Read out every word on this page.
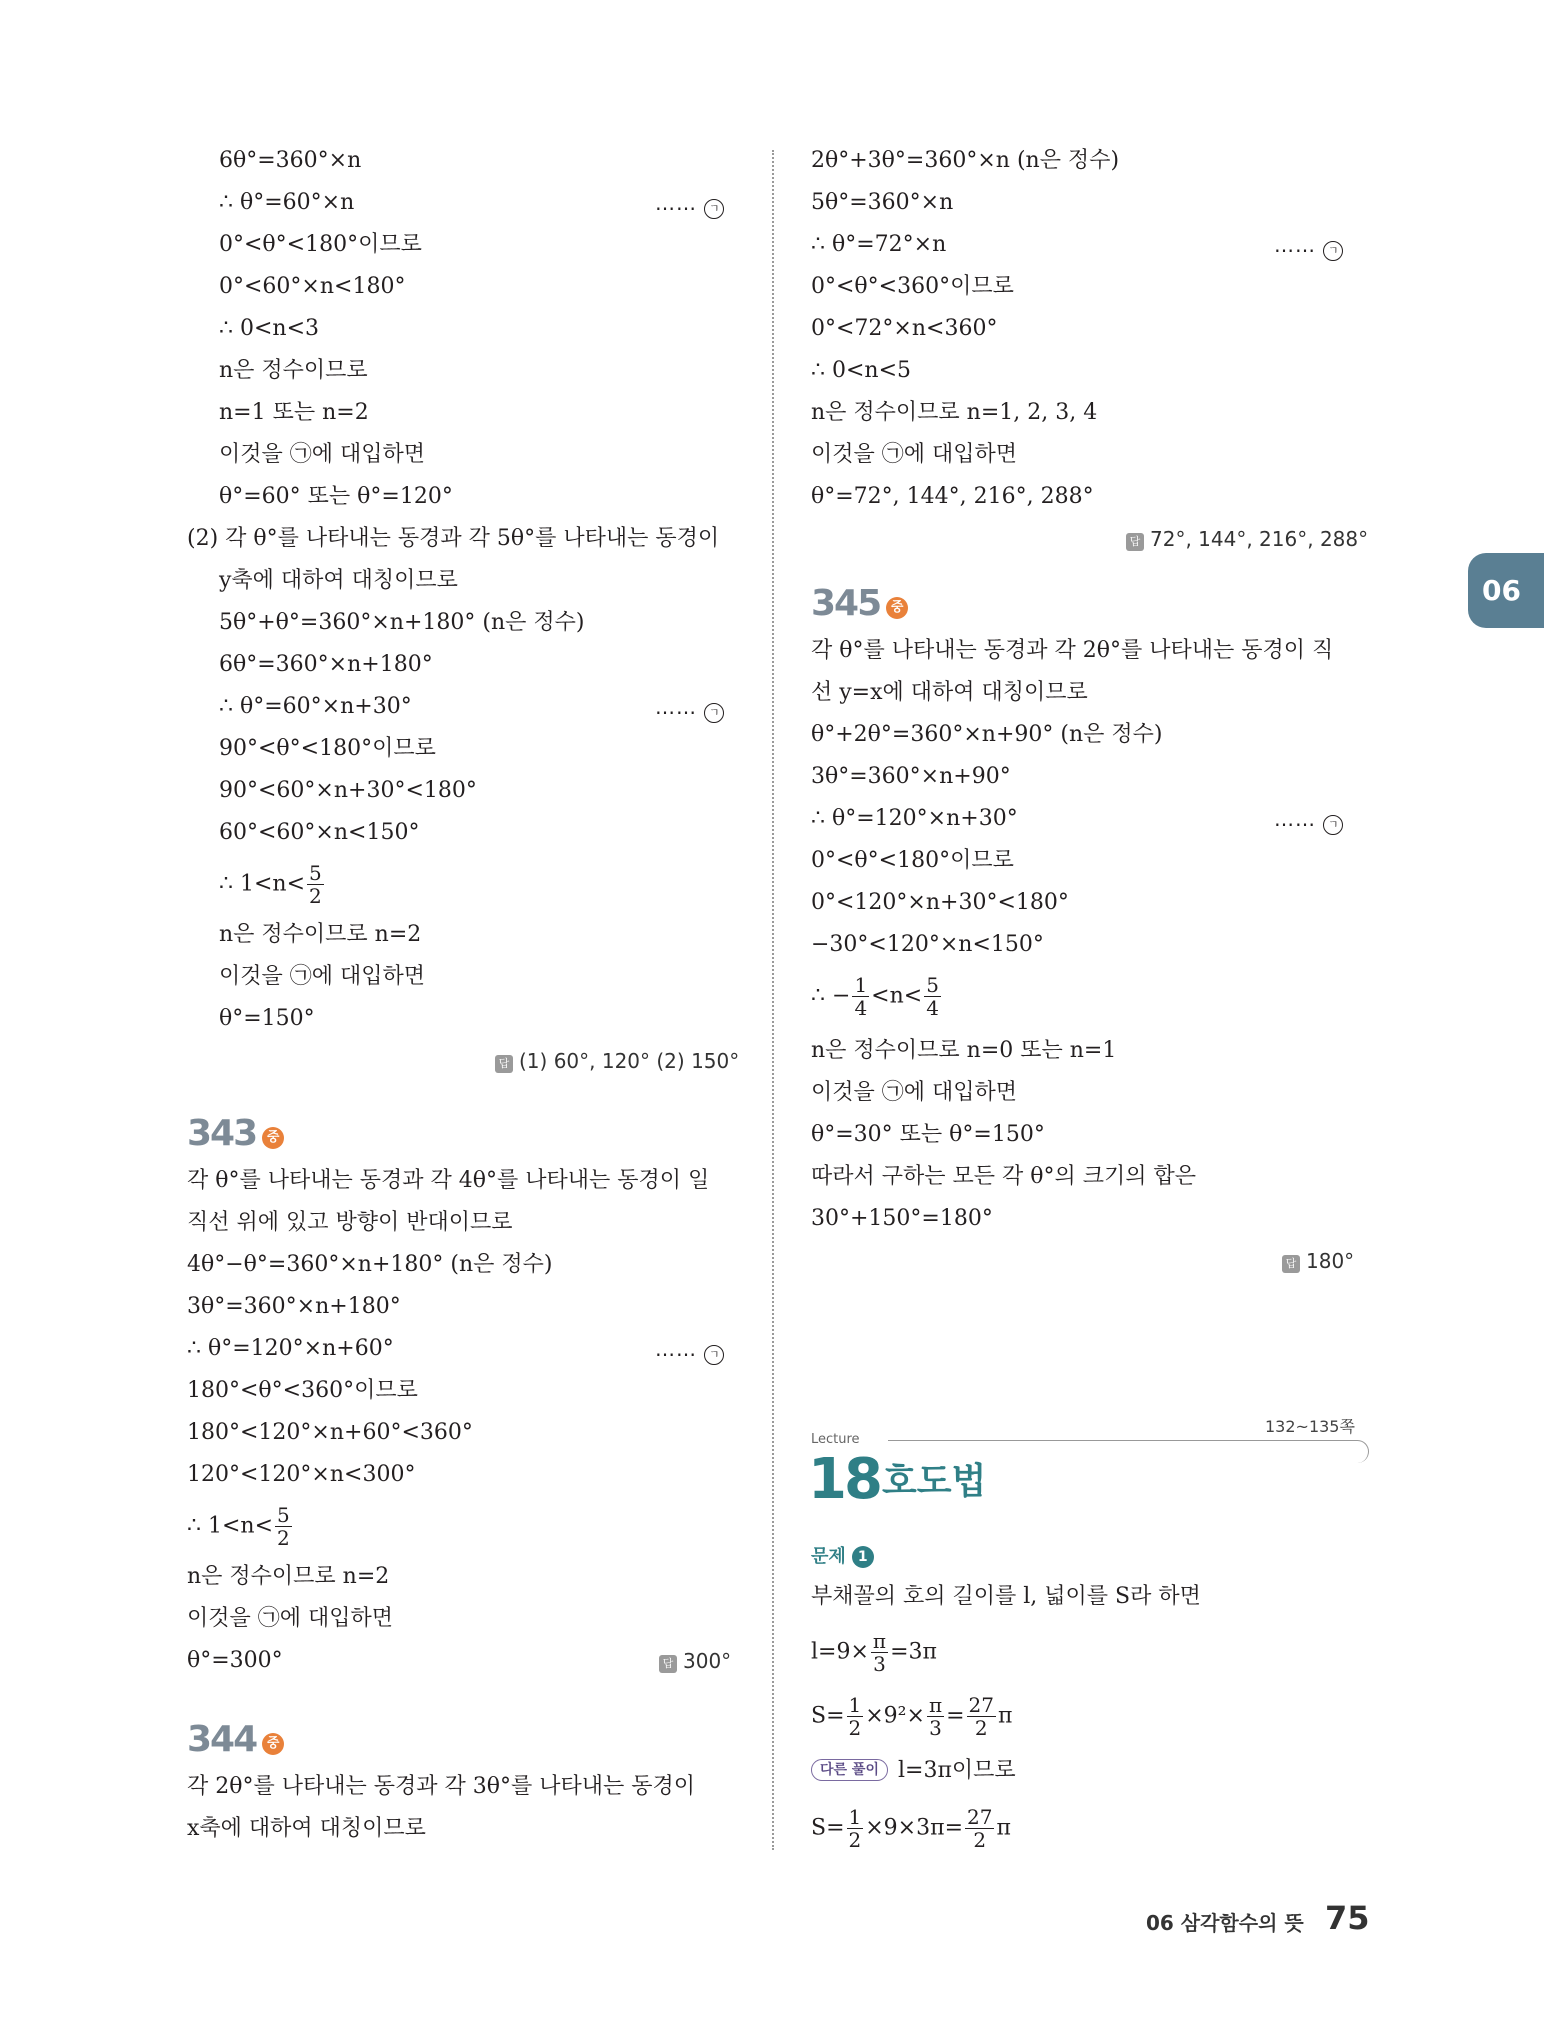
6θ°=360°×n
∴ θ°=60°×n	…… ㄱ
0°<θ°<180°이므로
0°<60°×n<180°
∴ 0<n<3
n은 정수이므로
n=1 또는 n=2
이것을 ㉠에 대입하면
θ°=60° 또는 θ°=120°
(2) 각 θ°를 나타내는 동경과 각 5θ°를 나타내는 동경이
y축에 대하여 대칭이므로
5θ°+θ°=360°×n+180° (n은 정수)
6θ°=360°×n+180°
∴ θ°=60°×n+30°	…… ㄱ
90°<θ°<180°이므로
90°<60°×n+30°<180°
60°<60°×n<150°
∴ $1<n< \frac{5}{2}$
n은 정수이므로 n=2
이것을 ㉠에 대입하면
θ°=150°
답 (1) 60°, 120° (2) 150°
343 중
각 θ°를 나타내는 동경과 각 4θ°를 나타내는 동경이 일
직선 위에 있고 방향이 반대이므로
4θ°−θ°=360°×n+180° (n은 정수)
3θ°=360°×n+180°
∴ θ°=120°×n+60°	…… ㄱ
180°<θ°<360°이므로
180°<120°×n+60°<360°
120°<120°×n<300°
∴ $1<n< \frac{5}{2}$
n은 정수이므로 n=2
이것을 ㉠에 대입하면
θ°=300°	답 300°
344 중
각 2θ°를 나타내는 동경과 각 3θ°를 나타내는 동경이
x축에 대하여 대칭이므로
2θ°+3θ°=360°×n (n은 정수)
5θ°=360°×n
∴ θ°=72°×n	…… ㄱ
0°<θ°<360°이므로
0°<72°×n<360°
∴ 0<n<5
n은 정수이므로 n=1, 2, 3, 4
이것을 ㉠에 대입하면
θ°=72°, 144°, 216°, 288°
답 72°, 144°, 216°, 288°
345 중
각 θ°를 나타내는 동경과 각 2θ°를 나타내는 동경이 직
선 y=x에 대하여 대칭이므로
θ°+2θ°=360°×n+90° (n은 정수)
3θ°=360°×n+90°
∴ θ°=120°×n+30°	…… ㄱ
0°<θ°<180°이므로
0°<120°×n+30°<180°
−30°<120°×n<150°
∴ − $\frac{1}{4} <n< \frac{5}{4}$
n은 정수이므로 n=0 또는 n=1
이것을 ㉠에 대입하면
θ°=30° 또는 θ°=150°
따라서 구하는 모든 각 θ°의 크기의 합은
30°+150°=180°
답 180°
132~135쪽
Lecture
18 호도법
문제 1
부채꼴의 호의 길이를 l, 넓이를 S라 하면
$l=9\times \frac{\pi}{3} =3\pi$
$S= \frac{1}{2} \times 9^2\times \frac{\pi}{3} = \frac{27}{2}$ π
다른 풀이 l=3π이므로
$S= \frac{1}{2} \times 9\times 3\pi= \frac{27}{2}$ π
06
06 삼각함수의 뜻 75
